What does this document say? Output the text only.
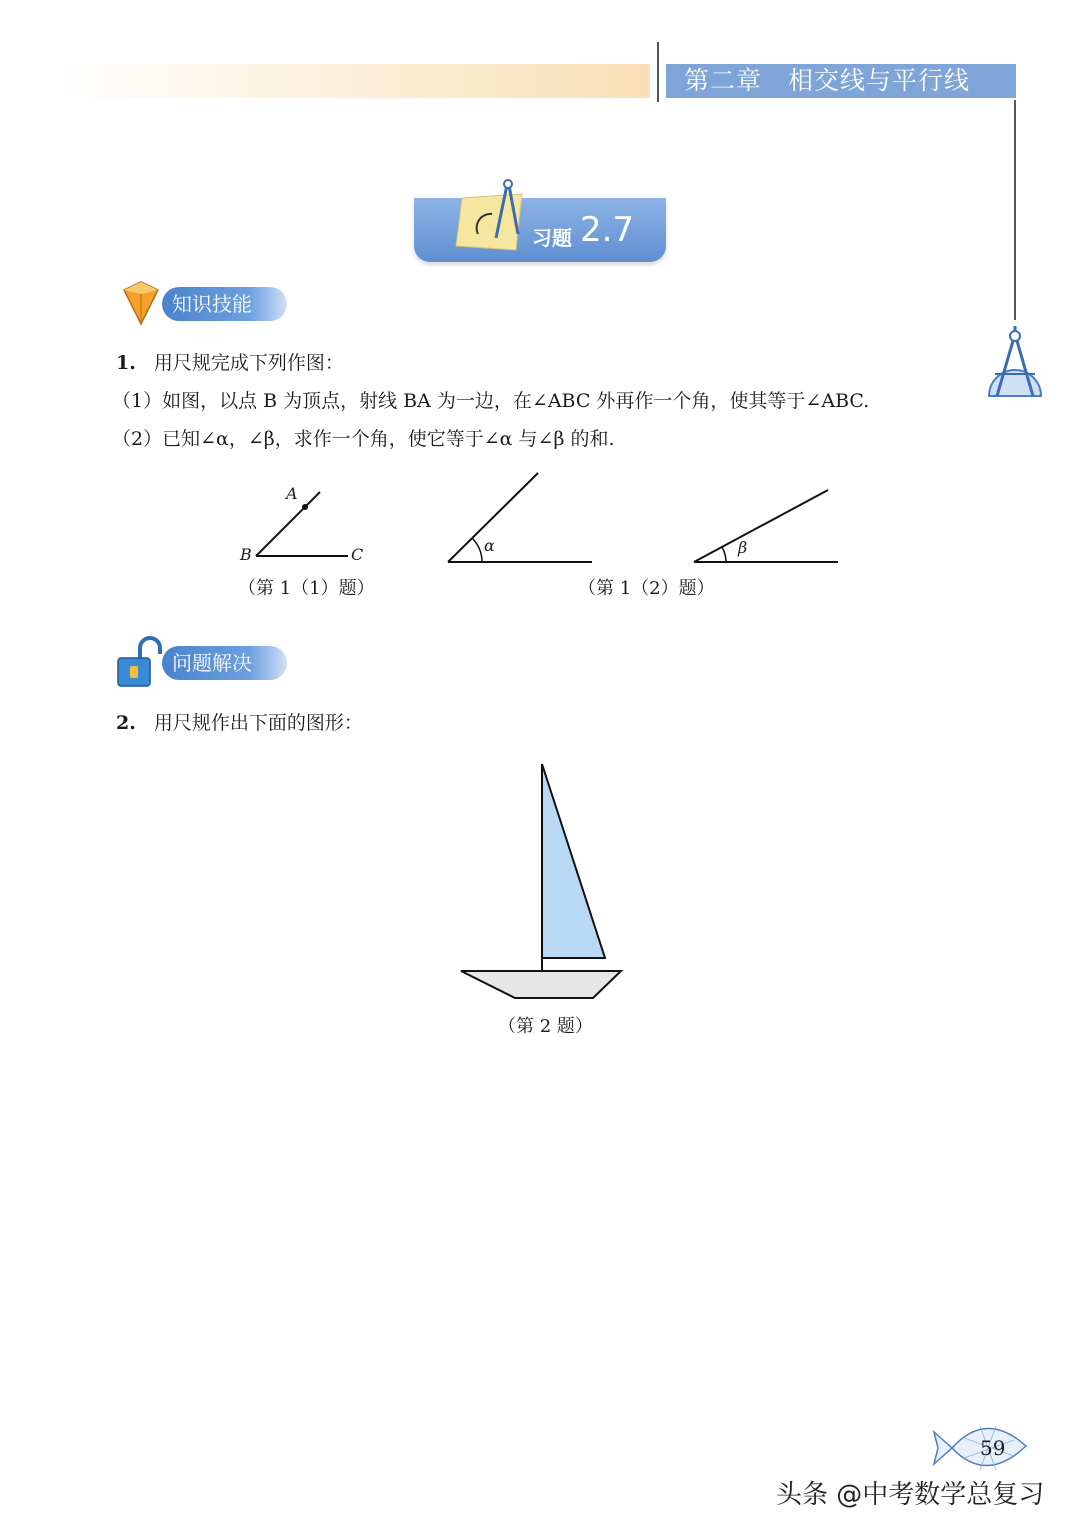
第二章　相交线与平行线
习题 2.7
知识技能
1. 用尺规完成下列作图：
（1）如图，以点 B 为顶点，射线 BA 为一边，在∠ABC 外再作一个角，使其等于∠ABC.
（2）已知∠α，∠β，求作一个角，使它等于∠α 与∠β 的和.
A
B	C
（第 1（1）题）
α	β
（第 1（2）题）
问题解决
2. 用尺规作出下面的图形：
（第 2 题）
59
头条 @中考数学总复习
